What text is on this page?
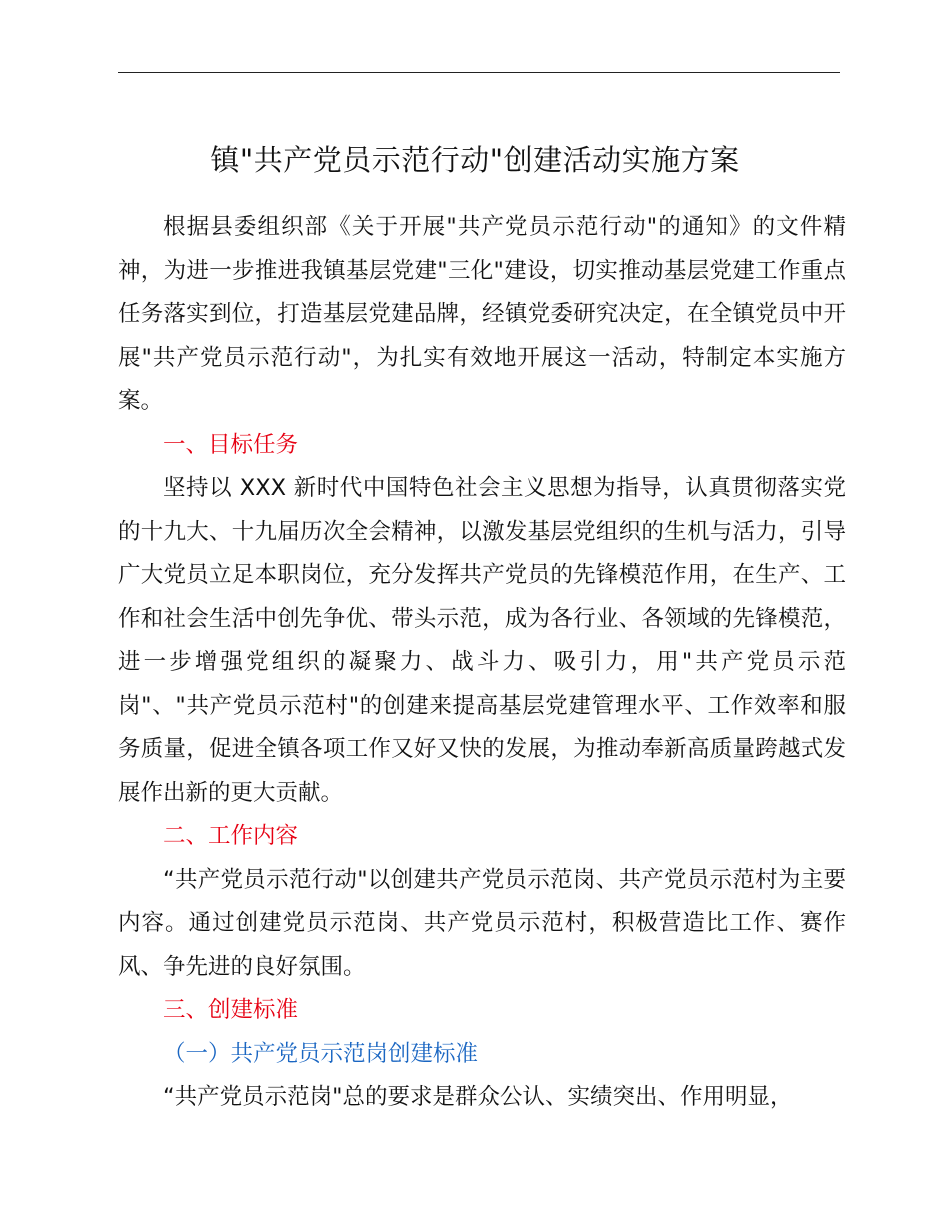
镇"共产党员示范行动"创建活动实施方案

根据县委组织部《关于开展"共产党员示范行动"的通知》的文件精神，为进一步推进我镇基层党建"三化"建设，切实推动基层党建工作重点任务落实到位，打造基层党建品牌，经镇党委研究决定，在全镇党员中开展"共产党员示范行动"，为扎实有效地开展这一活动，特制定本实施方案。

一、目标任务

坚持以 XXX 新时代中国特色社会主义思想为指导，认真贯彻落实党的十九大、十九届历次全会精神，以激发基层党组织的生机与活力，引导广大党员立足本职岗位，充分发挥共产党员的先锋模范作用，在生产、工作和社会生活中创先争优、带头示范，成为各行业、各领域的先锋模范，进一步增强党组织的凝聚力、战斗力、吸引力，用"共产党员示范岗"、"共产党员示范村"的创建来提高基层党建管理水平、工作效率和服务质量，促进全镇各项工作又好又快的发展，为推动奉新高质量跨越式发展作出新的更大贡献。

二、工作内容

“共产党员示范行动"以创建共产党员示范岗、共产党员示范村为主要内容。通过创建党员示范岗、共产党员示范村，积极营造比工作、赛作风、争先进的良好氛围。

三、创建标准

（一）共产党员示范岗创建标准

“共产党员示范岗"总的要求是群众公认、实绩突出、作用明显，
